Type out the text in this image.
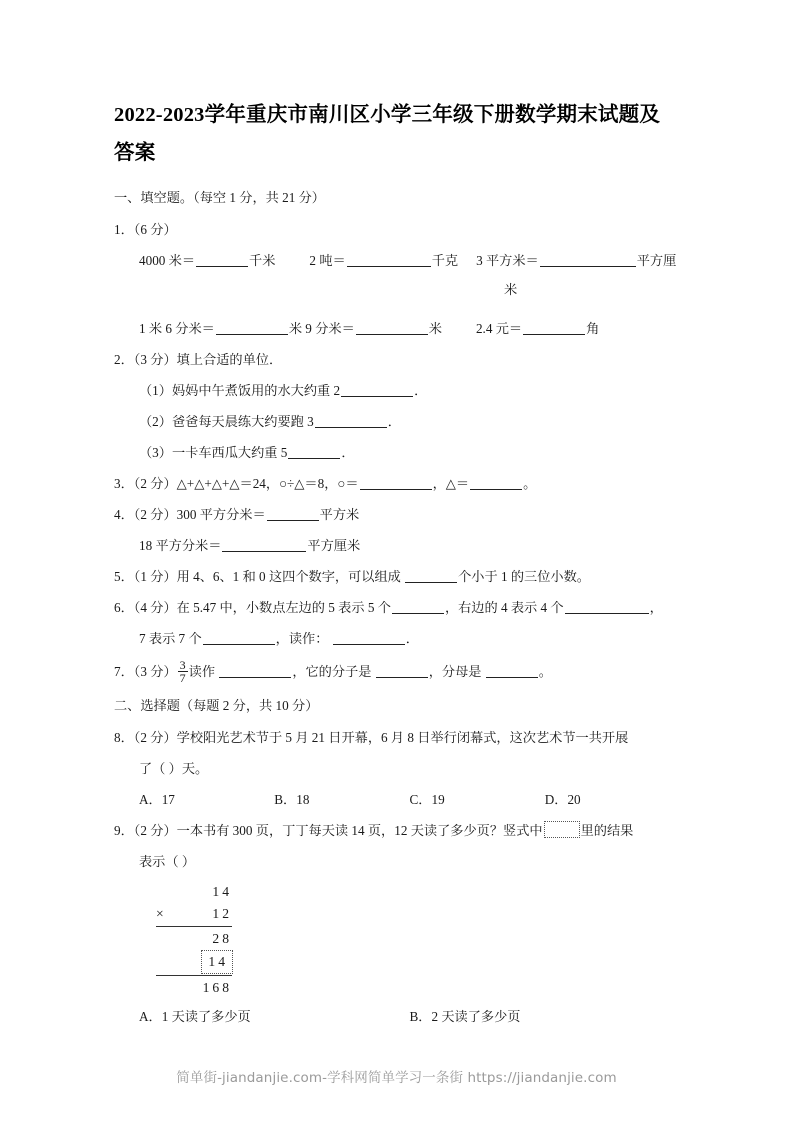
2022-2023学年重庆市南川区小学三年级下册数学期末试题及答案

一、填空题。（每空 1 分，共 21 分）

1．（6 分）

4000 米＝	千米	2 吨＝	千克 3 平方米＝	平方厘
米
1 米 6 分米＝	米 9 分米＝	米	2.4 元＝	角

2．（3 分）填上合适的单位．

（1）妈妈中午煮饭用的水大约重 2	．

（2）爸爸每天晨练大约要跑 3	．

（3）一卡车西瓜大约重 5	．

3．（2 分）△+△+△+△＝24，○÷△＝8，○＝	，△＝	。

4．（2 分）300 平方分米＝	平方米

18 平方分米＝	平方厘米

5．（1 分）用 4、6、1 和 0 这四个数字，可以组成	个小于 1 的三位小数。

6．（4 分）在 5.47 中，小数点左边的 5 表示 5 个	，右边的 4 表示 4 个	，

7 表示 7 个	，读作：	．

7．（3 分） $\frac{3}{7}$ 读作	，它的分子是	，分母是	。

二、选择题（每题 2 分，共 10 分）

8．（2 分）学校阳光艺术节于 5 月 21 日开幕，6 月 8 日举行闭幕式，这次艺术节一共开展

了（ ）天。

A．17	B．18	C．19	D．20

9．（2 分）一本书有 300 页，丁丁每天读 14 页，12 天读了多少页？竖式中	里的结果

表示（ ）

14
×	12
28
14
168
A．1 天读了多少页	B．2 天读了多少页
简单街-jiandanjie.com-学科网简单学习一条街 https://jiandanjie.com
